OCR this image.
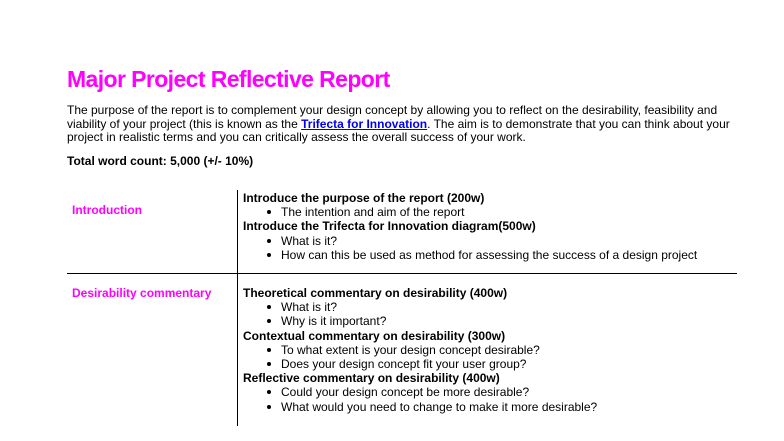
Major Project Reflective Report
The purpose of the report is to complement your design concept by allowing you to reflect on the desirability, feasibility and viability of your project (this is known as the Trifecta for Innovation. The aim is to demonstrate that you can think about your project in realistic terms and you can critically assess the overall success of your work.
Total word count: 5,000 (+/- 10%)
Introduction
Introduce the purpose of the report (200w)
The intention and aim of the report
Introduce the Trifecta for Innovation diagram(500w)
What is it?
How can this be used as method for assessing the success of a design project
Desirability commentary	Theoretical commentary on desirability (400w)
What is it?
Why is it important?
Contextual commentary on desirability (300w)
To what extent is your design concept desirable?
Does your design concept fit your user group?
Reflective commentary on desirability (400w)
Could your design concept be more desirable?
What would you need to change to make it more desirable?
